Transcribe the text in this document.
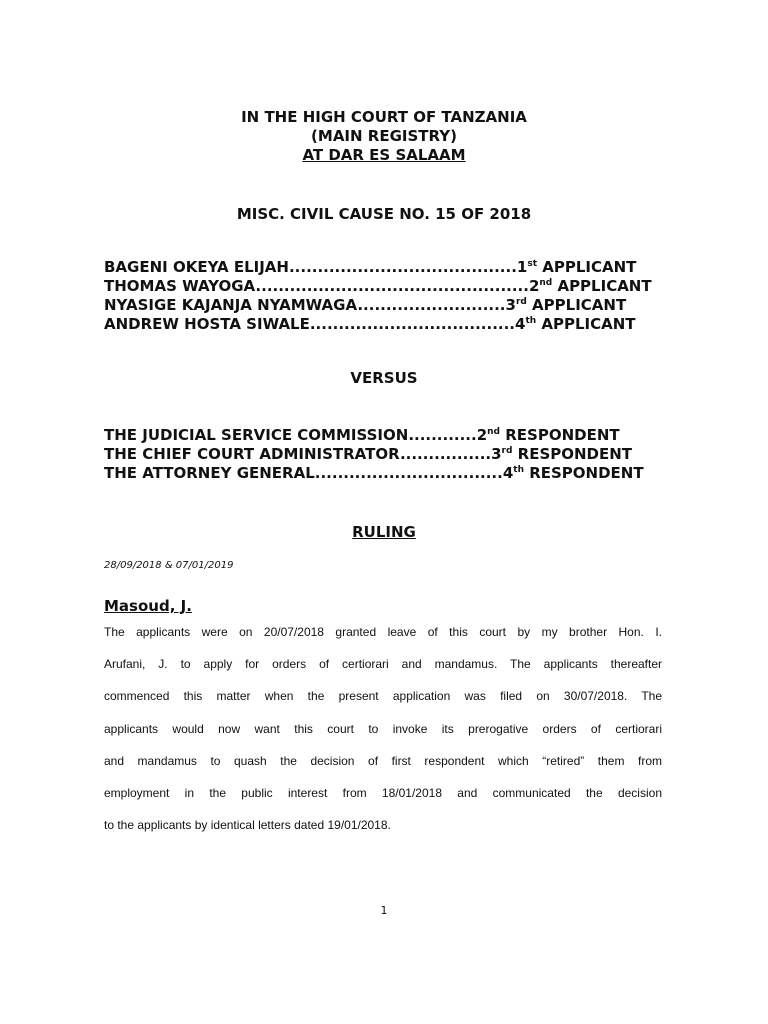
IN THE HIGH COURT OF TANZANIA
(MAIN REGISTRY)
AT DAR ES SALAAM
MISC. CIVIL CAUSE NO. 15 OF 2018
BAGENI OKEYA ELIJAH........................................1st APPLICANT
THOMAS WAYOGA................................................2nd APPLICANT
NYASIGE KAJANJA NYAMWAGA..........................3rd APPLICANT
ANDREW HOSTA SIWALE....................................4th APPLICANT
VERSUS
THE JUDICIAL SERVICE COMMISSION............2nd RESPONDENT
THE CHIEF COURT ADMINISTRATOR................3rd RESPONDENT
THE ATTORNEY GENERAL.................................4th RESPONDENT
RULING
28/09/2018 & 07/01/2019
Masoud, J.
The applicants were on 20/07/2018 granted leave of this court by my brother Hon. I.
Arufani, J. to apply for orders of certiorari and mandamus. The applicants thereafter
commenced this matter when the present application was filed on 30/07/2018. The
applicants would now want this court to invoke its prerogative orders of certiorari
and mandamus to quash the decision of first respondent which “retired” them from
employment in the public interest from 18/01/2018 and communicated the decision
to the applicants by identical letters dated 19/01/2018.
1
